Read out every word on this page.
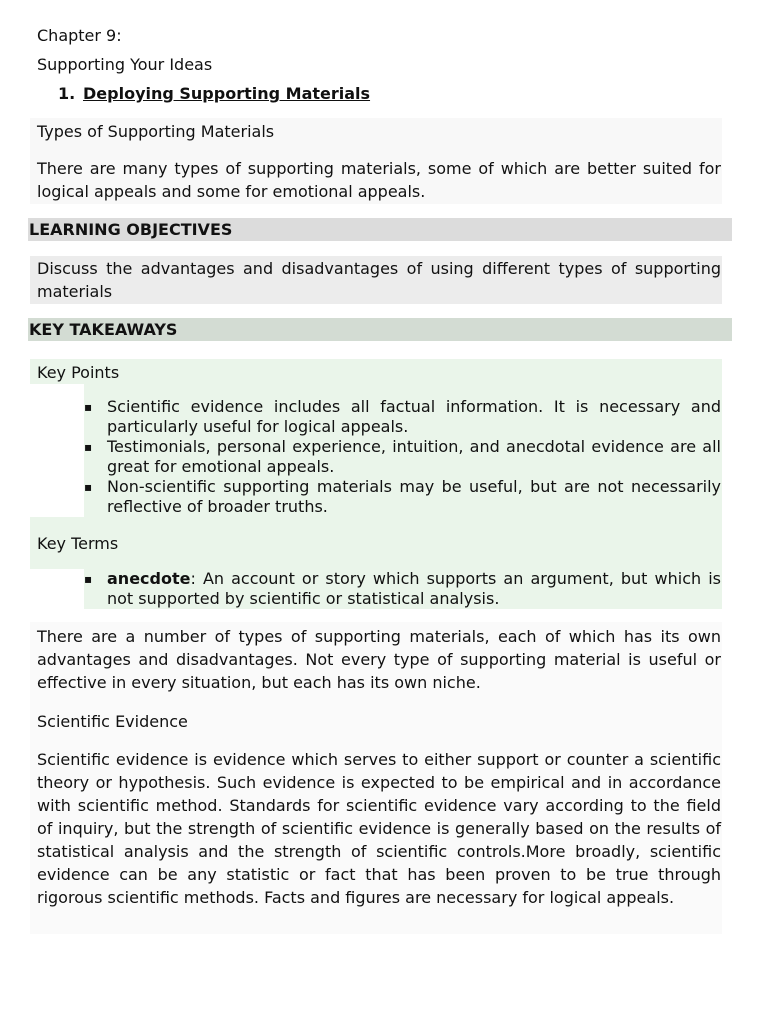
Chapter 9:
Supporting Your Ideas
1. Deploying Supporting Materials
Types of Supporting Materials
There are many types of supporting materials, some of which are better suited for logical appeals and some for emotional appeals.
LEARNING OBJECTIVES
Discuss the advantages and disadvantages of using different types of supporting materials
KEY TAKEAWAYS
Key Points
Key Terms
▪ Scientific evidence includes all factual information. It is necessary and particularly useful for logical appeals.
▪ Testimonials, personal experience, intuition, and anecdotal evidence are all great for emotional appeals.
▪ Non-scientific supporting materials may be useful, but are not necessarily reflective of broader truths.
▪ anecdote: An account or story which supports an argument, but which is not supported by scientific or statistical analysis.
There are a number of types of supporting materials, each of which has its own advantages and disadvantages. Not every type of supporting material is useful or effective in every situation, but each has its own niche.
Scientific Evidence
Scientific evidence is evidence which serves to either support or counter a scientific theory or hypothesis. Such evidence is expected to be empirical and in accordance with scientific method. Standards for scientific evidence vary according to the field of inquiry, but the strength of scientific evidence is generally based on the results of statistical analysis and the strength of scientific controls.More broadly, scientific evidence can be any statistic or fact that has been proven to be true through rigorous scientific methods. Facts and figures are necessary for logical appeals.
